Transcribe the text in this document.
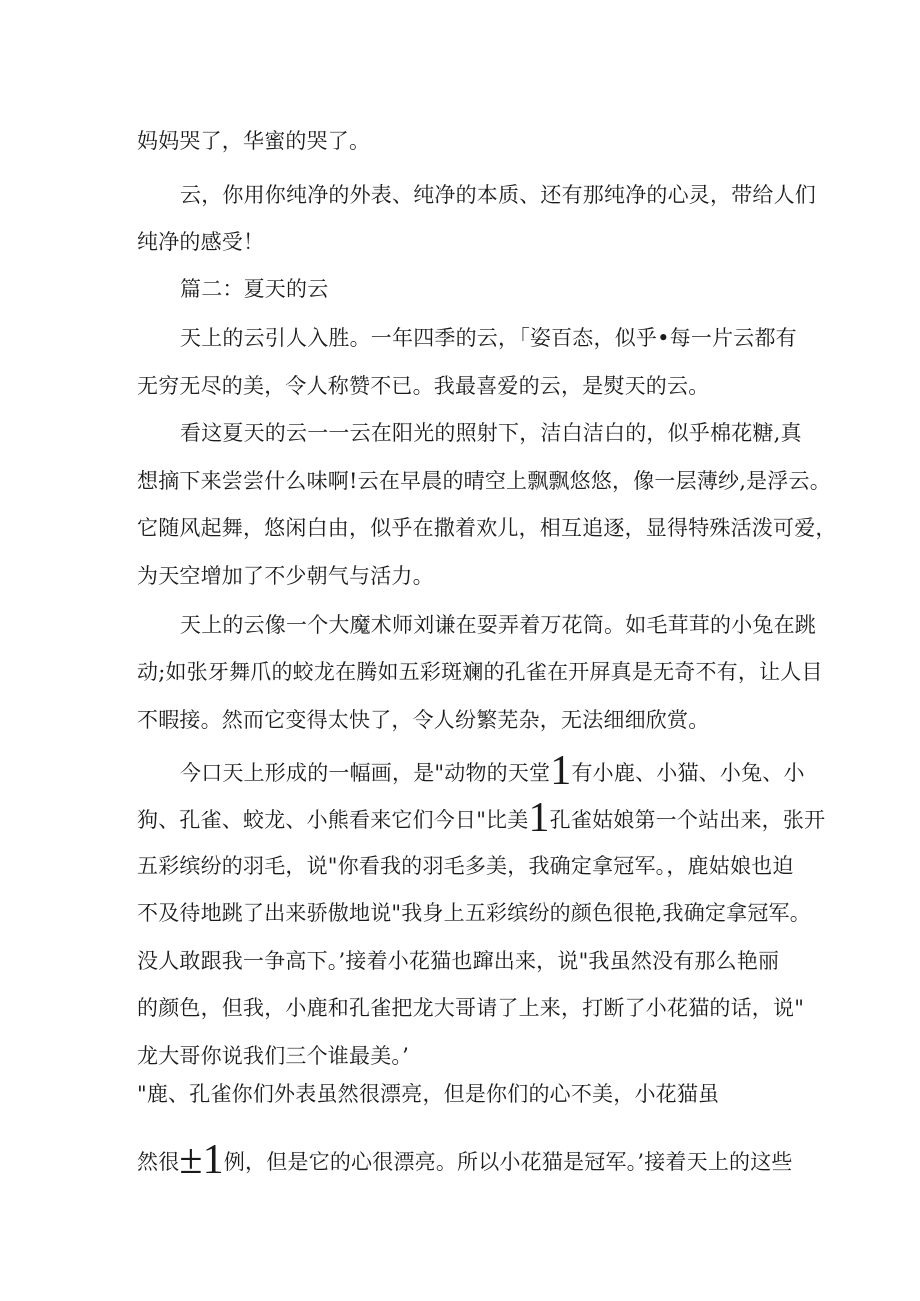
妈妈哭了，华蜜的哭了。
云，你用你纯净的外表、纯净的本质、还有那纯净的心灵，带给人们
纯净的感受！
篇二：夏天的云
天上的云引人入胜。一年四季的云，「姿百态，似乎•每一片云都有
无穷无尽的美，令人称赞不已。我最喜爱的云，是熨天的云。
看这夏天的云一一云在阳光的照射下，洁白洁白的，似乎棉花糖,真
想摘下来尝尝什么味啊!云在早晨的晴空上飘飘悠悠，像一层薄纱,是浮云。
它随风起舞，悠闲白由，似乎在撒着欢儿，相互追逐，显得特殊活泼可爱，
为天空增加了不少朝气与活力。
天上的云像一个大魔术师刘谦在耍弄着万花筒。如毛茸茸的小兔在跳
动;如张牙舞爪的蛟龙在腾如五彩斑斓的孔雀在开屏真是无奇不有，让人目
不暇接。然而它变得太快了，令人纷繁芜杂，无法细细欣赏。
今口天上形成的一幅画，是"动物的天堂1有小鹿、小猫、小兔、小
狗、孔雀、蛟龙、小熊看来它们今日"比美1孔雀姑娘第一个站出来，张开
五彩缤纷的羽毛，说"你看我的羽毛多美，我确定拿冠军。，鹿姑娘也迫
不及待地跳了出来骄傲地说"我身上五彩缤纷的颜色很艳,我确定拿冠军。
没人敢跟我一争高下。’接着小花猫也蹿出来，说"我虽然没有那么艳丽
的颜色，但我，小鹿和孔雀把龙大哥请了上来，打断了小花猫的话，说"
龙大哥你说我们三个谁最美。’
"鹿、孔雀你们外表虽然很漂亮，但是你们的心不美，小花猫虽
然很±1例，但是它的心很漂亮。所以小花猫是冠军。’接着天上的这些
